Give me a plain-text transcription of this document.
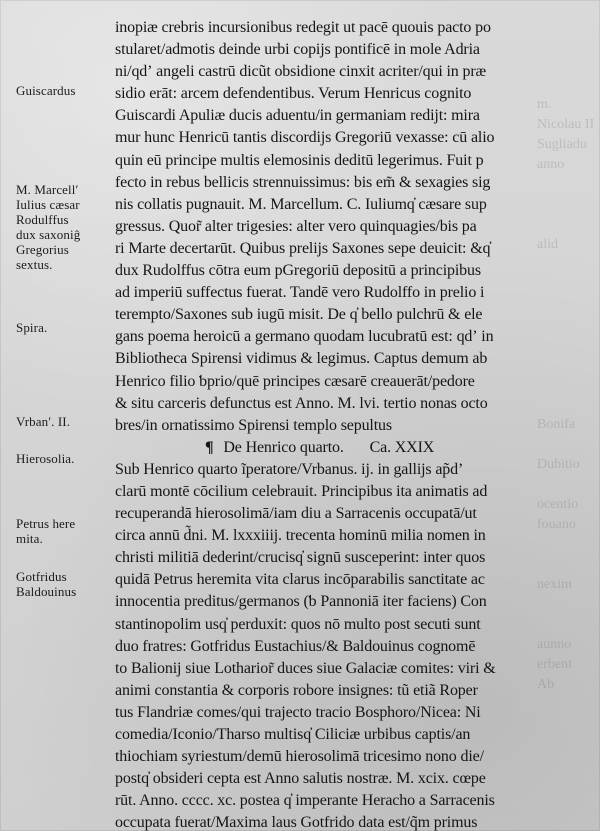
m.
Nicolau II
Sugliadu
anno

alid

Bonifa

Dubitio

ocentio
fouano

nexim

aunno
erbent
Ab
Guiscardus
M. Marcellʹ
Iulius cæsar
Rodulffus
dux saxoniĝ
Gregorius
sextus.
Spira.
Vrbanʹ. II.
Hierosolia.
Petrus here
mita.
Gotfridus
Baldouinus
inopiæ crebris incursionibus redegit ut pacē quouis pacto po
stularet/admotis deinde urbi copijs pontificē in mole Adria
ni/qdʼ angeli castrū dicũt obsidione cinxit acriter/qui in præ
sidio erāt: arcem defendentibus. Verum Henricus cognito
Guiscardi Apuliæ ducis aduentu/in germaniam redijt: mira
mur hunc Henricū tantis discordijs Gregoriū vexasse: cū alio
quin eū principe multis elemosinis deditū legerimus. Fuit p
fecto in rebus bellicis strennuissimus: bis em̃ & sexagies sig
nis collatis pugnauit. M. Marcellum. C. Iuliumq̓ cæsare sup
gressus. Quor̃ alter trigesies: alter vero quinquagies/bis pa
ri Marte decertarūt. Quibus prelijs Saxones sepe deuicit: &q̓
dux Rudolffus cōtra eum pGregoriū depositū a principibus
ad imperiū suffectus fuerat. Tandē vero Rudolffo in prelio i
terempto/Saxones sub iugū misit. De q̓ bello pulchrū & ele
gans poema heroicū a germano quodam lucubratū est: qdʼ in
Bibliotheca Spirensi vidimus & legimus. Captus demum ab
Henrico filio ƅprio/quē principes cæsarē creauerāt/pedore
& situ carceris defunctus est Anno. M. lvi. tertio nonas octo
bres/in ornatissimo Spirensi templo sepultus
¶ De Henrico quarto. Ca. XXIX
Sub Henrico quarto ĩperatore/Vrbanus. ij. in gallijs ap̃dʼ
clarū montē cōcilium celebrauit. Principibus ita animatis ad
recuperandā hierosolimā/iam diu a Sarracenis occupatā/ut
circa annū d̃ni. M. lxxxiiij. trecenta hominū milia nomen in
christi militiā dederint/crucisq̓ signū susceperint: inter quos
quidā Petrus heremita vita clarus incōparabilis sanctitate ac
innocentia preditus/germanos (ƅ Pannoniā iter faciens) Con
stantinopolim usq̓ perduxit: quos nō multo post secuti sunt
duo fratres: Gotfridus Eustachius/& Baldouinus cognomē
to Balionij siue Lotharior̃ duces siue Galaciæ comites: viri &
animi constantia & corporis robore insignes: tũ etiã Roper
tus Flandriæ comes/qui trajecto tracio Bosphoro/Nicea: Ni
comedia/Iconio/Tharso multisq̓ Ciliciæ urbibus captis/an
thiochiam syriestum/demū hierosolimā tricesimo nono die/
postq̓ obsideri cepta est Anno salutis nostræ. M. xcix. cœpe
rūt. Anno. cccc. xc. postea q̓ imperante Heracho a Sarracenis
occupata fuerat/Maxima laus Gotfrido data est/q̃m primus
